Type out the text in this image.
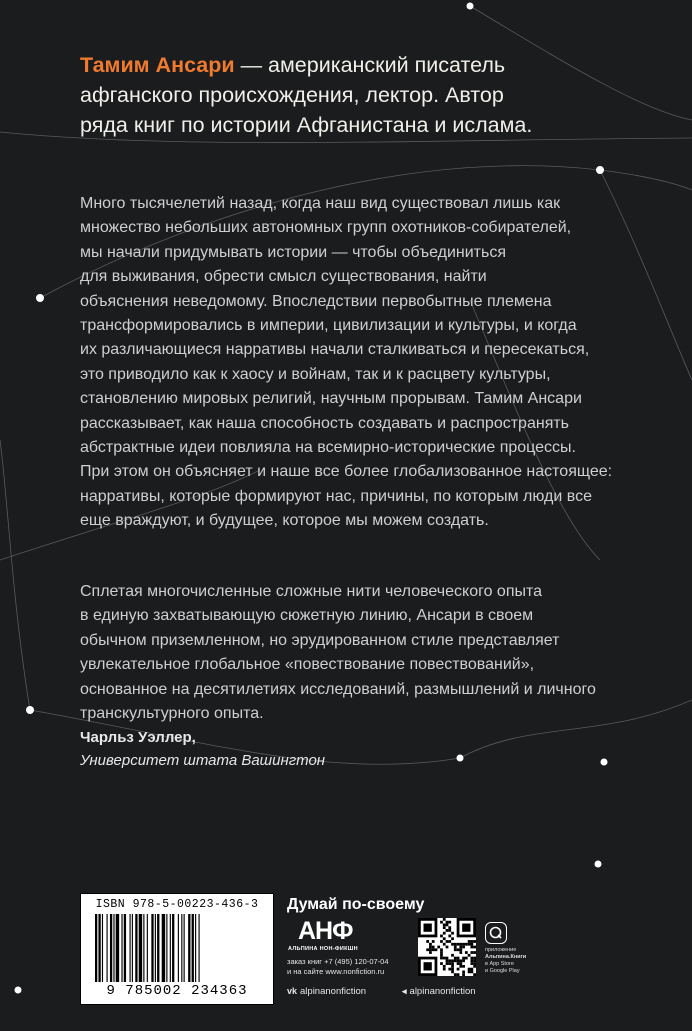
Тамим Ансари — американский писатель
афганского происхождения, лектор. Автор
ряда книг по истории Афганистана и ислама.

Много тысячелетий назад, когда наш вид существовал лишь как
множество небольших автономных групп охотников-собирателей,
мы начали придумывать истории — чтобы объединиться
для выживания, обрести смысл существования, найти
объяснения неведомому. Впоследствии первобытные племена
трансформировались в империи, цивилизации и культуры, и когда
их различающиеся нарративы начали сталкиваться и пересекаться,
это приводило как к хаосу и войнам, так и к расцвету культуры,
становлению мировых религий, научным прорывам. Тамим Ансари
рассказывает, как наша способность создавать и распространять
абстрактные идеи повлияла на всемирно-исторические процессы.
При этом он объясняет и наше все более глобализованное настоящее:
нарративы, которые формируют нас, причины, по которым люди все
еще враждуют, и будущее, которое мы можем создать.

Сплетая многочисленные сложные нити человеческого опыта
в единую захватывающую сюжетную линию, Ансари в своем
обычном приземленном, но эрудированном стиле представляет
увлекательное глобальное «повествование повествований»,
основанное на десятилетиях исследований, размышлений и личного
транскультурного опыта.

Чарльз Уэллер,
Университет штата Вашингтон
ISBN 978-5-00223-436-3
9 785002 234363
Думай по-своему
АНФ
АЛЬПИНА НОН-ФИКШН
заказ книг +7 (495) 120-07-04
и на сайте www.nonfiction.ru
приложение
Альпина.Книги
в App Store
и Google Play
vk alpinanonfiction	◂ alpinanonfiction
